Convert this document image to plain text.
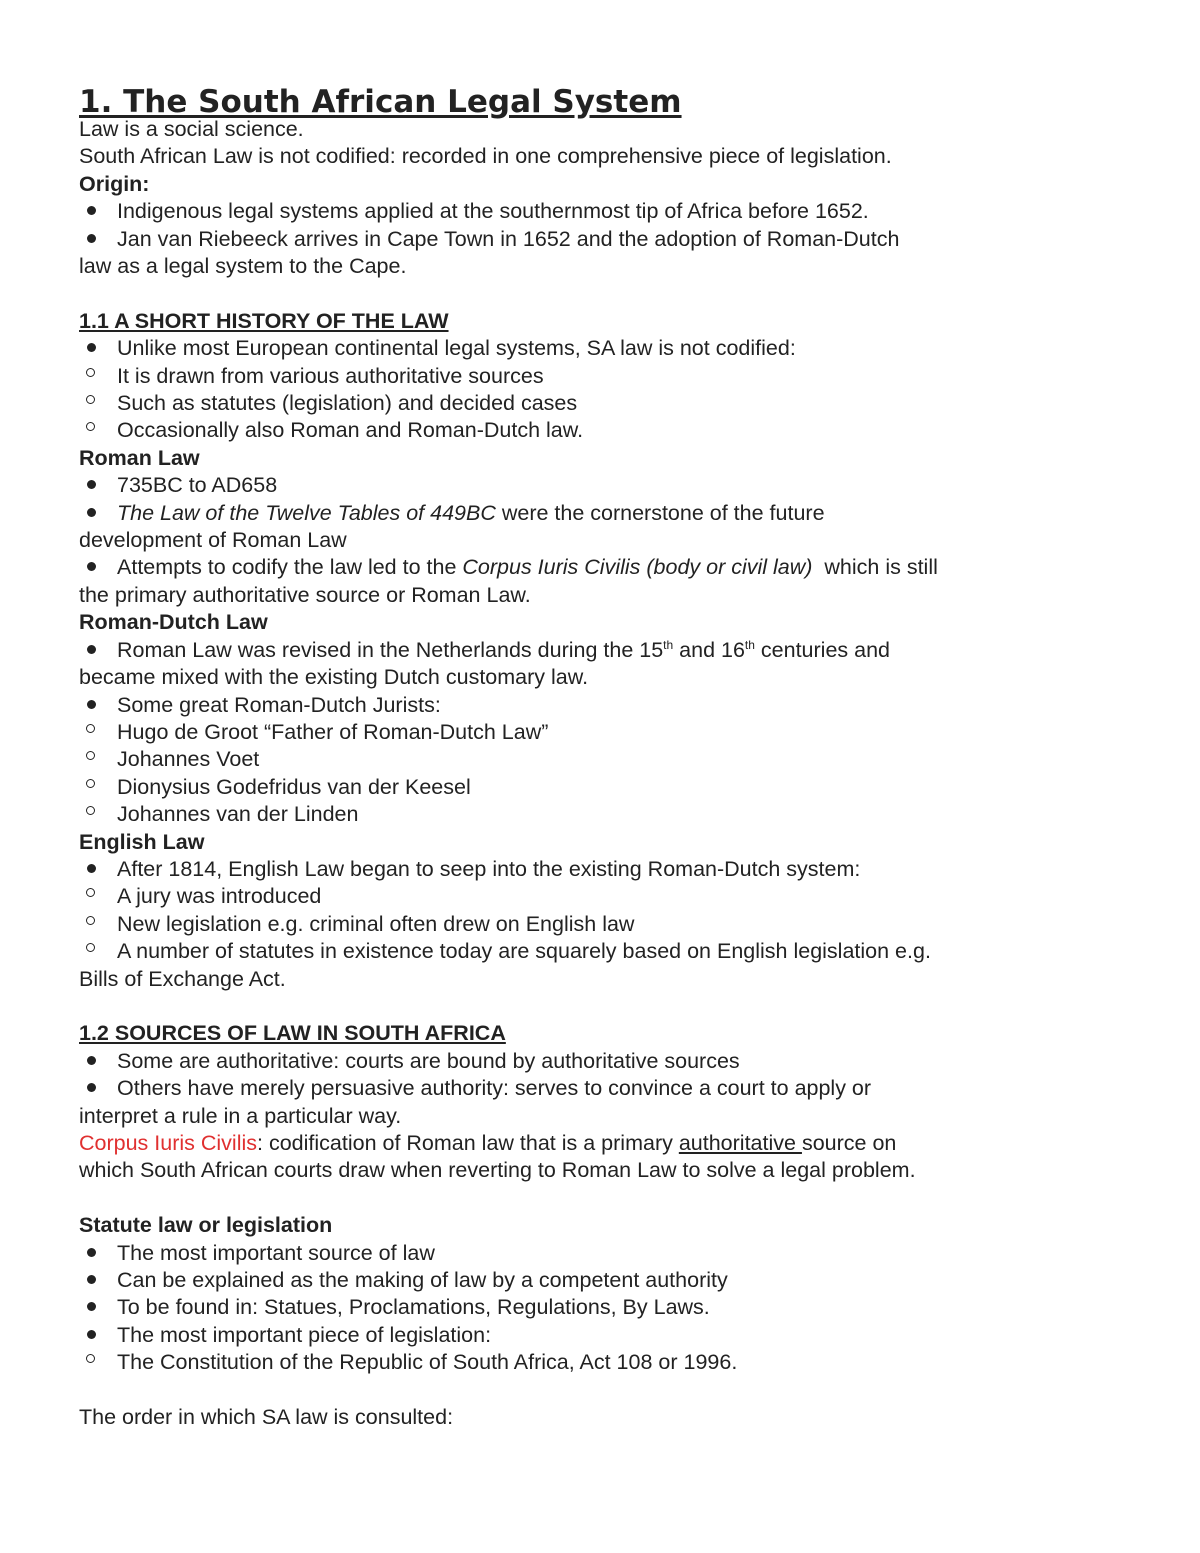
1. The South African Legal System
Law is a social science.
South African Law is not codified: recorded in one comprehensive piece of legislation.
Origin:
Indigenous legal systems applied at the southernmost tip of Africa before 1652.
Jan van Riebeeck arrives in Cape Town in 1652 and the adoption of Roman-Dutch
law as a legal system to the Cape.
1.1 A SHORT HISTORY OF THE LAW
Unlike most European continental legal systems, SA law is not codified:
It is drawn from various authoritative sources
Such as statutes (legislation) and decided cases
Occasionally also Roman and Roman-Dutch law.
Roman Law
735BC to AD658
The Law of the Twelve Tables of 449BC were the cornerstone of the future
development of Roman Law
Attempts to codify the law led to the Corpus Iuris Civilis (body or civil law)  which is still
the primary authoritative source or Roman Law.
Roman-Dutch Law
Roman Law was revised in the Netherlands during the 15th and 16th centuries and
became mixed with the existing Dutch customary law.
Some great Roman-Dutch Jurists:
Hugo de Groot “Father of Roman-Dutch Law”
Johannes Voet
Dionysius Godefridus van der Keesel
Johannes van der Linden
English Law
After 1814, English Law began to seep into the existing Roman-Dutch system:
A jury was introduced
New legislation e.g. criminal often drew on English law
A number of statutes in existence today are squarely based on English legislation e.g.
Bills of Exchange Act.
1.2 SOURCES OF LAW IN SOUTH AFRICA
Some are authoritative: courts are bound by authoritative sources
Others have merely persuasive authority: serves to convince a court to apply or
interpret a rule in a particular way.
Corpus Iuris Civilis: codification of Roman law that is a primary authoritative source on
which South African courts draw when reverting to Roman Law to solve a legal problem.
Statute law or legislation
The most important source of law
Can be explained as the making of law by a competent authority
To be found in: Statues, Proclamations, Regulations, By Laws.
The most important piece of legislation:
The Constitution of the Republic of South Africa, Act 108 or 1996.
The order in which SA law is consulted:
